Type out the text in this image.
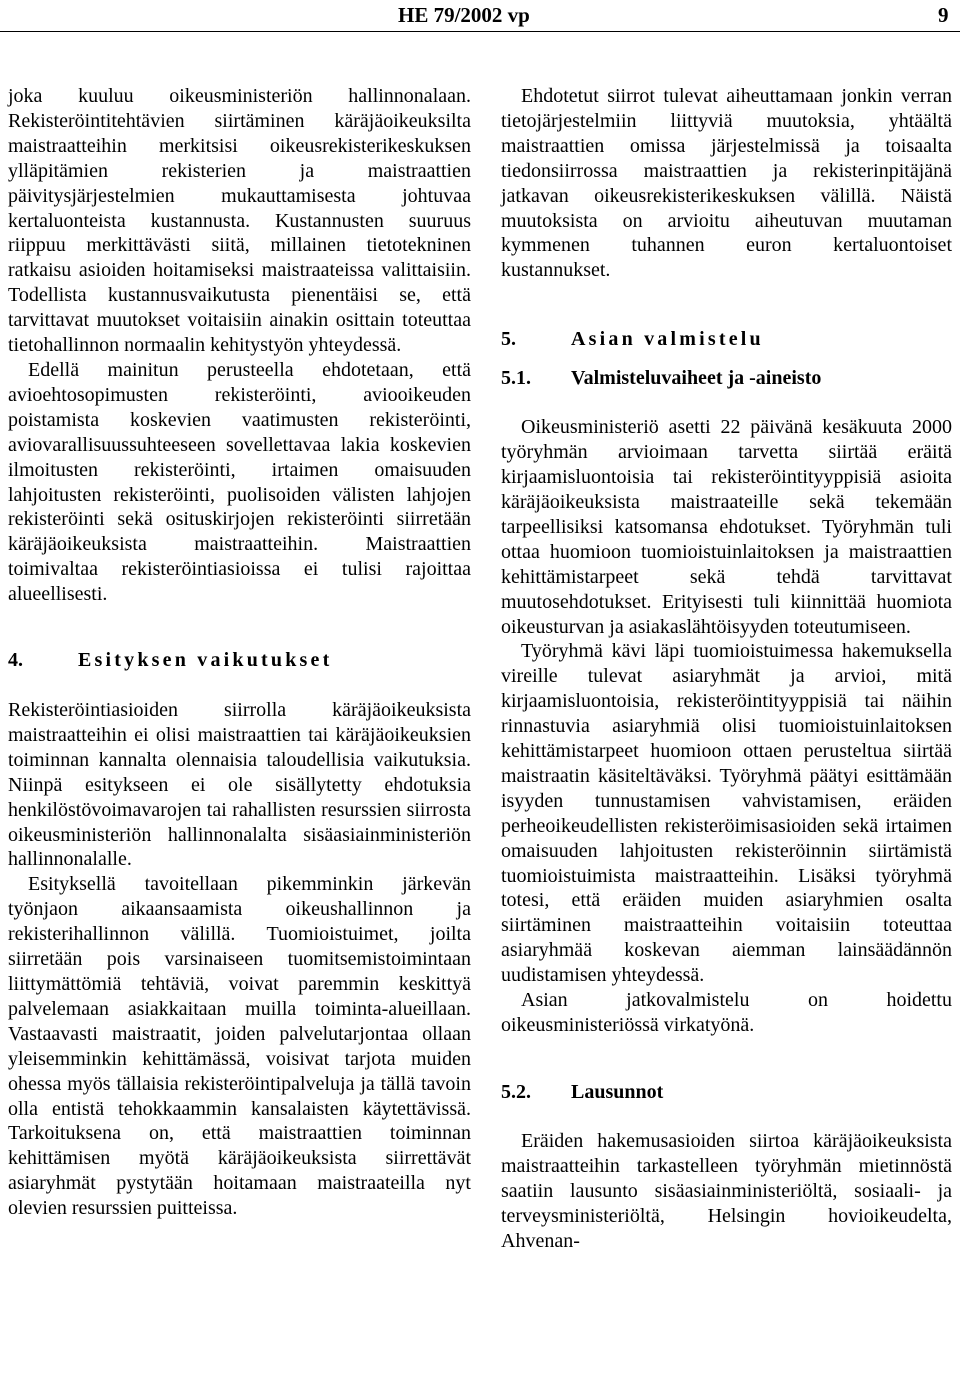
HE 79/2002 vp	9

joka kuuluu oikeusministeriön hallinnonalaan. Rekisteröintitehtävien siirtäminen käräjäoikeuksilta maistraatteihin merkitsisi oikeusrekisterikeskuksen ylläpitämien rekisterien ja maistraattien päivitysjärjestelmien mukauttamisesta johtuvaa kertaluonteista kustannusta. Kustannusten suuruus riippuu merkittävästi siitä, millainen tietotekninen ratkaisu asioiden hoitamiseksi maistraateissa valittaisiin. Todellista kustannusvaikutusta pienentäisi se, että tarvittavat muutokset voitaisiin ainakin osittain toteuttaa tietohallinnon normaalin kehitystyön yhteydessä.

Edellä mainitun perusteella ehdotetaan, että avioehtosopimusten rekisteröinti, aviooikeuden poistamista koskevien vaatimusten rekisteröinti, aviovarallisuussuhteeseen sovellettavaa lakia koskevien ilmoitusten rekisteröinti, irtaimen omaisuuden lahjoitusten rekisteröinti, puolisoiden välisten lahjojen rekisteröinti sekä osituskirjojen rekisteröinti siirretään käräjäoikeuksista maistraatteihin. Maistraattien toimivaltaa rekisteröintiasioissa ei tulisi rajoittaa alueellisesti.

4.	Esityksen vaikutukset

Rekisteröintiasioiden siirrolla käräjäoikeuksista maistraatteihin ei olisi maistraattien tai käräjäoikeuksien toiminnan kannalta olennaisia taloudellisia vaikutuksia. Niinpä esitykseen ei ole sisällytetty ehdotuksia henkilöstövoimavarojen tai rahallisten resurssien siirrosta oikeusministeriön hallinnonalalta sisäasiainministeriön hallinnonalalle.

Esityksellä tavoitellaan pikemminkin järkevän työnjaon aikaansaamista oikeushallinnon ja rekisterihallinnon välillä. Tuomioistuimet, joilta siirretään pois varsinaiseen tuomitsemistoimintaan liittymättömiä tehtäviä, voivat paremmin keskittyä palvelemaan asiakkaitaan muilla toiminta-alueillaan. Vastaavasti maistraatit, joiden palvelutarjontaa ollaan yleisemminkin kehittämässä, voisivat tarjota muiden ohessa myös tällaisia rekisteröintipalveluja ja tällä tavoin olla entistä tehokkaammin kansalaisten käytettävissä. Tarkoituksena on, että maistraattien toiminnan kehittämisen myötä käräjäoikeuksista siirrettävät asiaryhmät pystytään hoitamaan maistraateilla nyt olevien resurssien puitteissa.

Ehdotetut siirrot tulevat aiheuttamaan jonkin verran tietojärjestelmiin liittyviä muutoksia, yhtäältä maistraattien omissa järjestelmissä ja toisaalta tiedonsiirrossa maistraattien ja rekisterinpitäjänä jatkavan oikeusrekisterikeskuksen välillä. Näistä muutoksista on arvioitu aiheutuvan muutaman kymmenen tuhannen euron kertaluontoiset kustannukset.

5.	Asian valmistelu
5.1.	Valmisteluvaiheet ja -aineisto

Oikeusministeriö asetti 22 päivänä kesäkuuta 2000 työryhmän arvioimaan tarvetta siirtää eräitä kirjaamisluontoisia tai rekisteröintityyppisiä asioita käräjäoikeuksista maistraateille sekä tekemään tarpeellisiksi katsomansa ehdotukset. Työryhmän tuli ottaa huomioon tuomioistuinlaitoksen ja maistraattien kehittämistarpeet sekä tehdä tarvittavat muutosehdotukset. Erityisesti tuli kiinnittää huomiota oikeusturvan ja asiakaslähtöisyyden toteutumiseen.

Työryhmä kävi läpi tuomioistuimessa hakemuksella vireille tulevat asiaryhmät ja arvioi, mitä kirjaamisluontoisia, rekisteröintityyppisiä tai näihin rinnastuvia asiaryhmiä olisi tuomioistuinlaitoksen kehittämistarpeet huomioon ottaen perusteltua siirtää maistraatin käsiteltäväksi. Työryhmä päätyi esittämään isyyden tunnustamisen vahvistamisen, eräiden perheoikeudellisten rekisteröimisasioiden sekä irtaimen omaisuuden lahjoitusten rekisteröinnin siirtämistä tuomioistuimista maistraatteihin. Lisäksi työryhmä totesi, että eräiden muiden asiaryhmien osalta siirtäminen maistraatteihin voitaisiin toteuttaa asiaryhmää koskevan aiemman lainsäädännön uudistamisen yhteydessä.

Asian jatkovalmistelu on hoidettu oikeusministeriössä virkatyönä.

5.2.	Lausunnot

Eräiden hakemusasioiden siirtoa käräjäoikeuksista maistraatteihin tarkastelleen työryhmän mietinnöstä saatiin lausunto sisäasiainministeriöltä, sosiaali- ja terveysministeriöltä, Helsingin hovioikeudelta, Ahvenan-
